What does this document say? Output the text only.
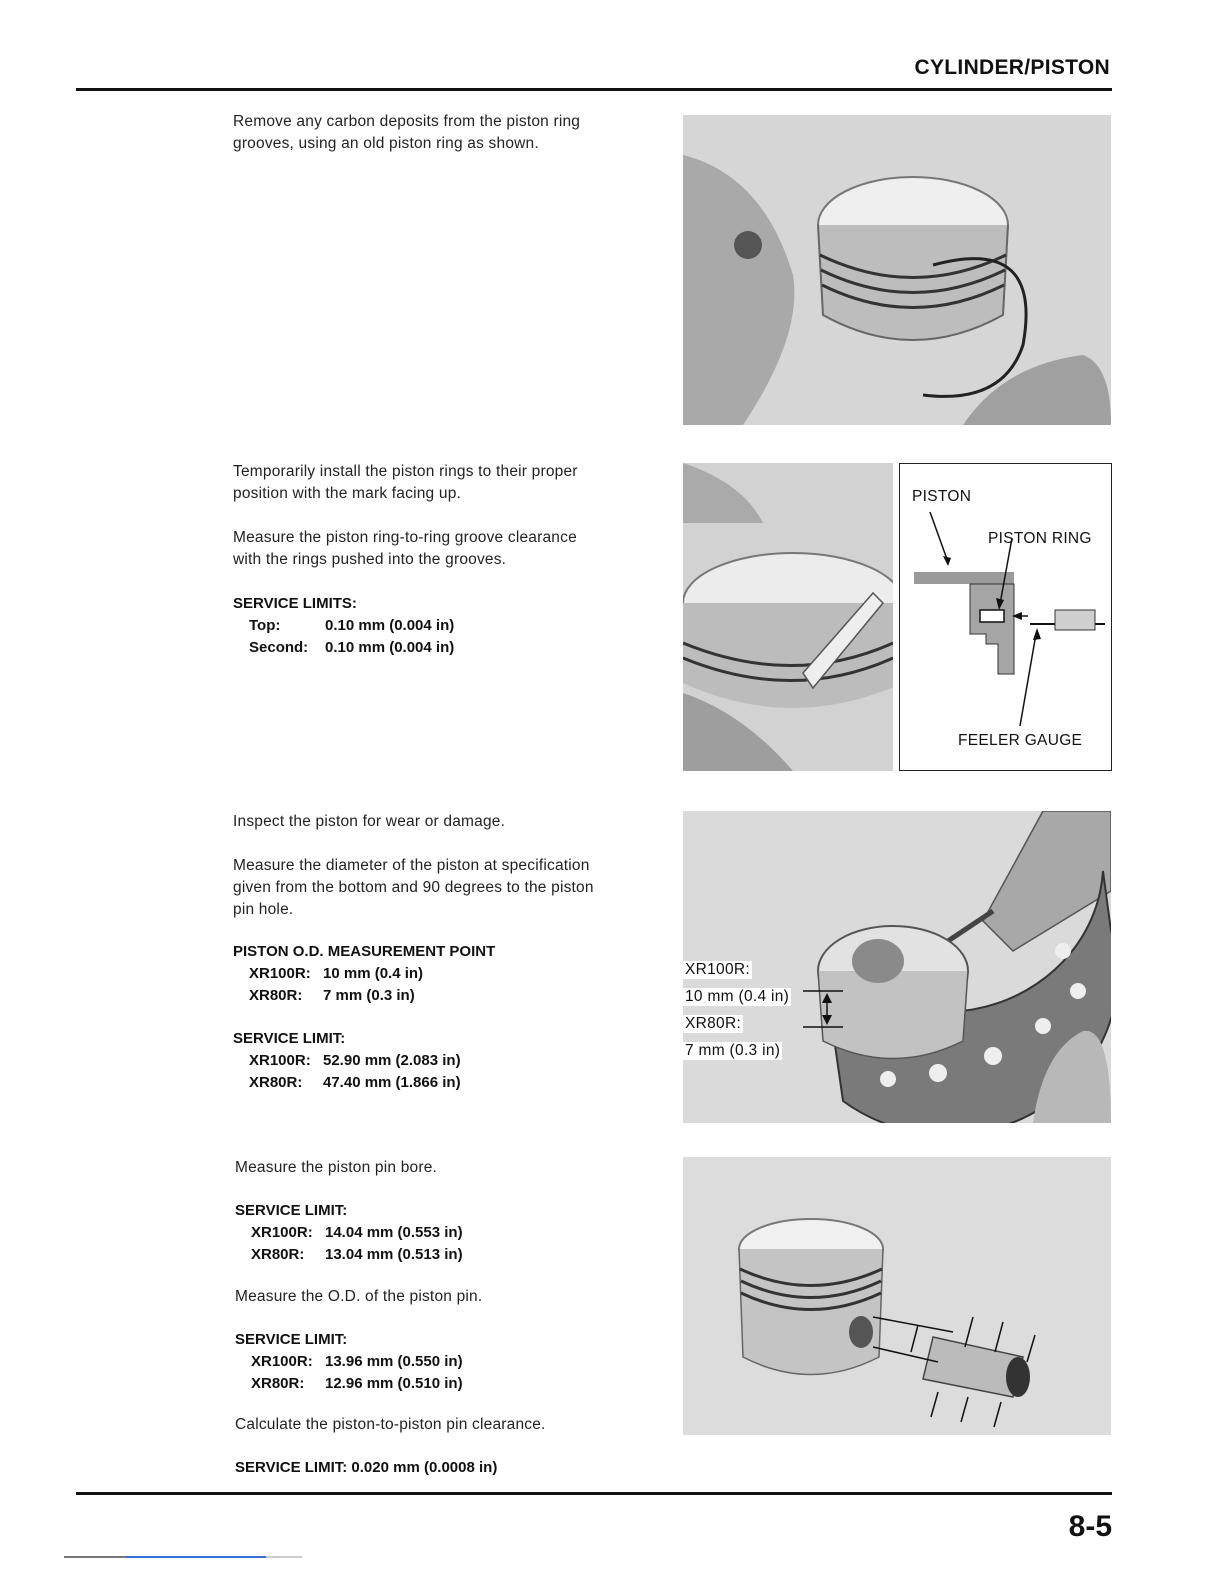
CYLINDER/PISTON
Remove any carbon deposits from the piston ring
grooves, using an old piston ring as shown.
Temporarily install the piston rings to their proper
position with the mark facing up.
Measure the piston ring-to-ring groove clearance
with the rings pushed into the grooves.
SERVICE LIMITS:
Top:	0.10 mm (0.004 in)
Second: 0.10 mm (0.004 in)
PISTON
PISTON RING
FEELER GAUGE
Inspect the piston for wear or damage.
Measure the diameter of the piston at specification
given from the bottom and 90 degrees to the piston
pin hole.
PISTON O.D. MEASUREMENT POINT
XR100R: 10 mm (0.4 in)
XR80R: 7 mm (0.3 in)
SERVICE LIMIT:
XR100R: 52.90 mm (2.083 in)
XR80R: 47.40 mm (1.866 in)
XR100R:
10 mm (0.4 in)
XR80R:
7 mm (0.3 in)
Measure the piston pin bore.
SERVICE LIMIT:
XR100R: 14.04 mm (0.553 in)
XR80R: 13.04 mm (0.513 in)
Measure the O.D. of the piston pin.
SERVICE LIMIT:
XR100R: 13.96 mm (0.550 in)
XR80R: 12.96 mm (0.510 in)
Calculate the piston-to-piston pin clearance.
SERVICE LIMIT: 0.020 mm (0.0008 in)
8-5
